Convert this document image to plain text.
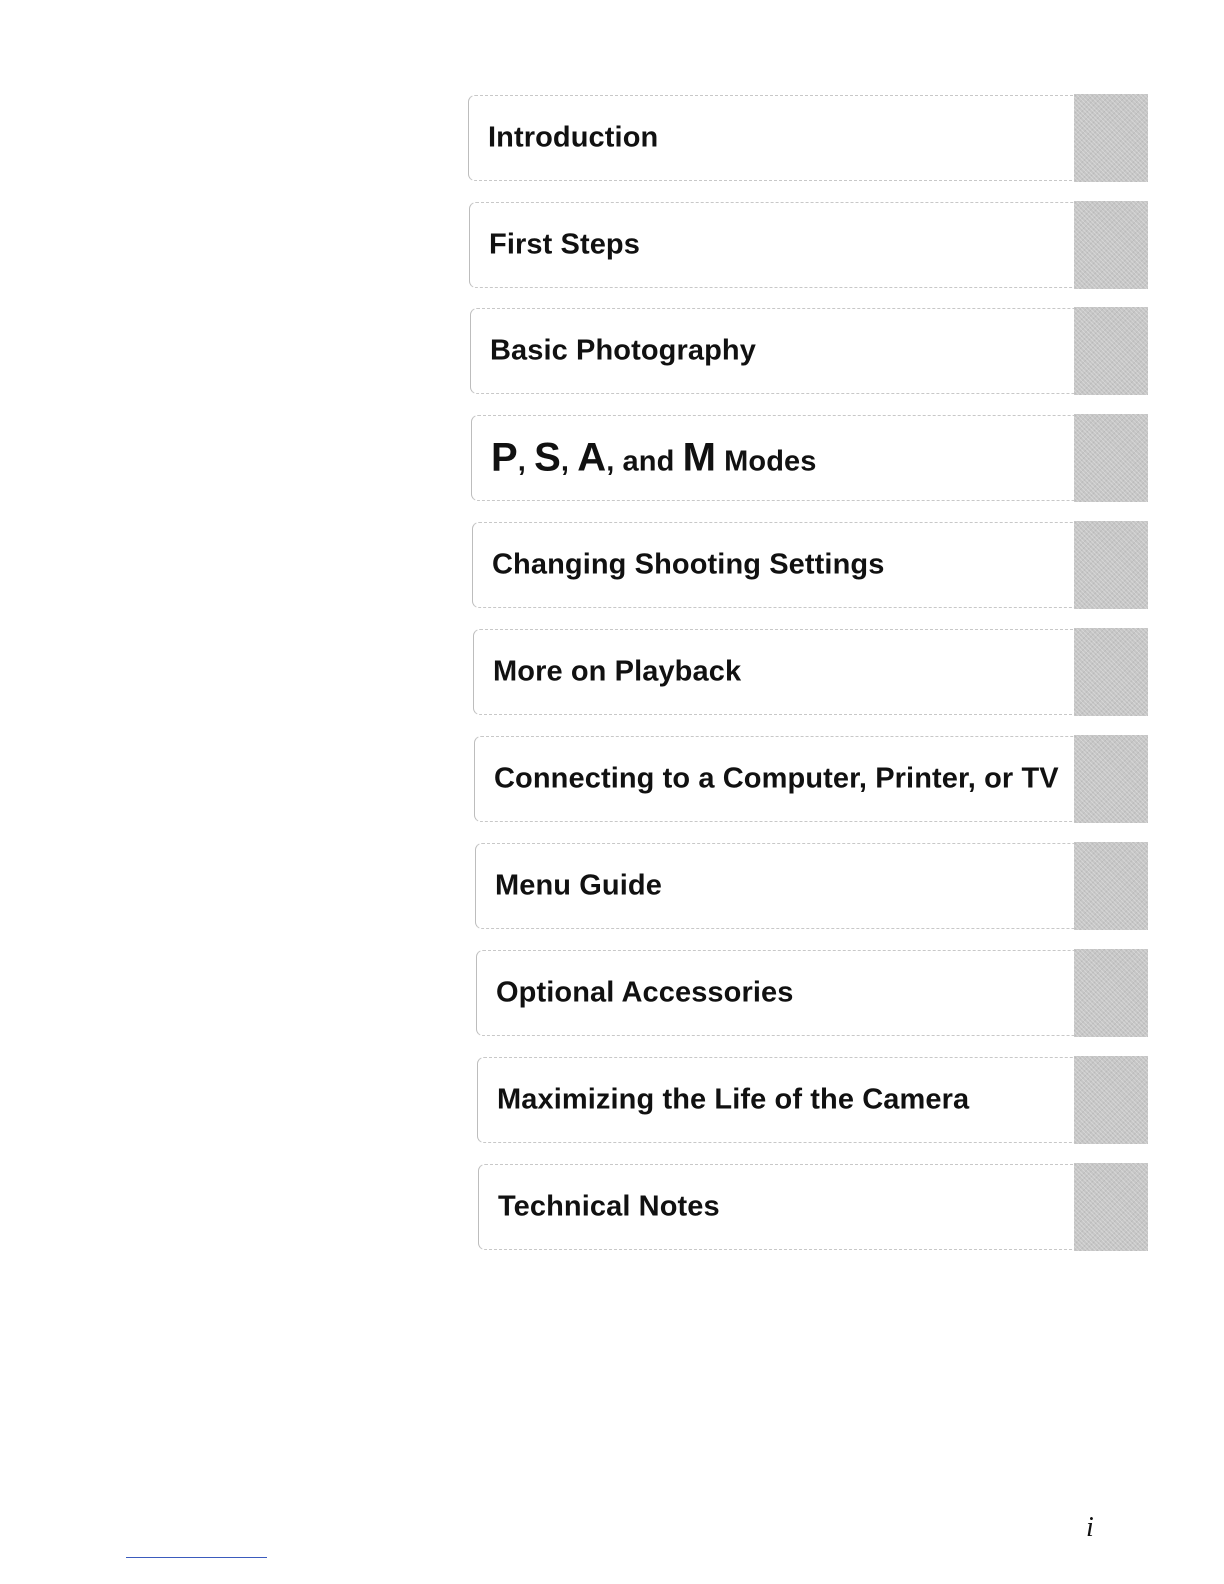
Introduction
First Steps
Basic Photography
P, S, A, and M Modes
Changing Shooting Settings
More on Playback
Connecting to a Computer, Printer, or TV
Menu Guide
Optional Accessories
Maximizing the Life of the Camera
Technical Notes
i
